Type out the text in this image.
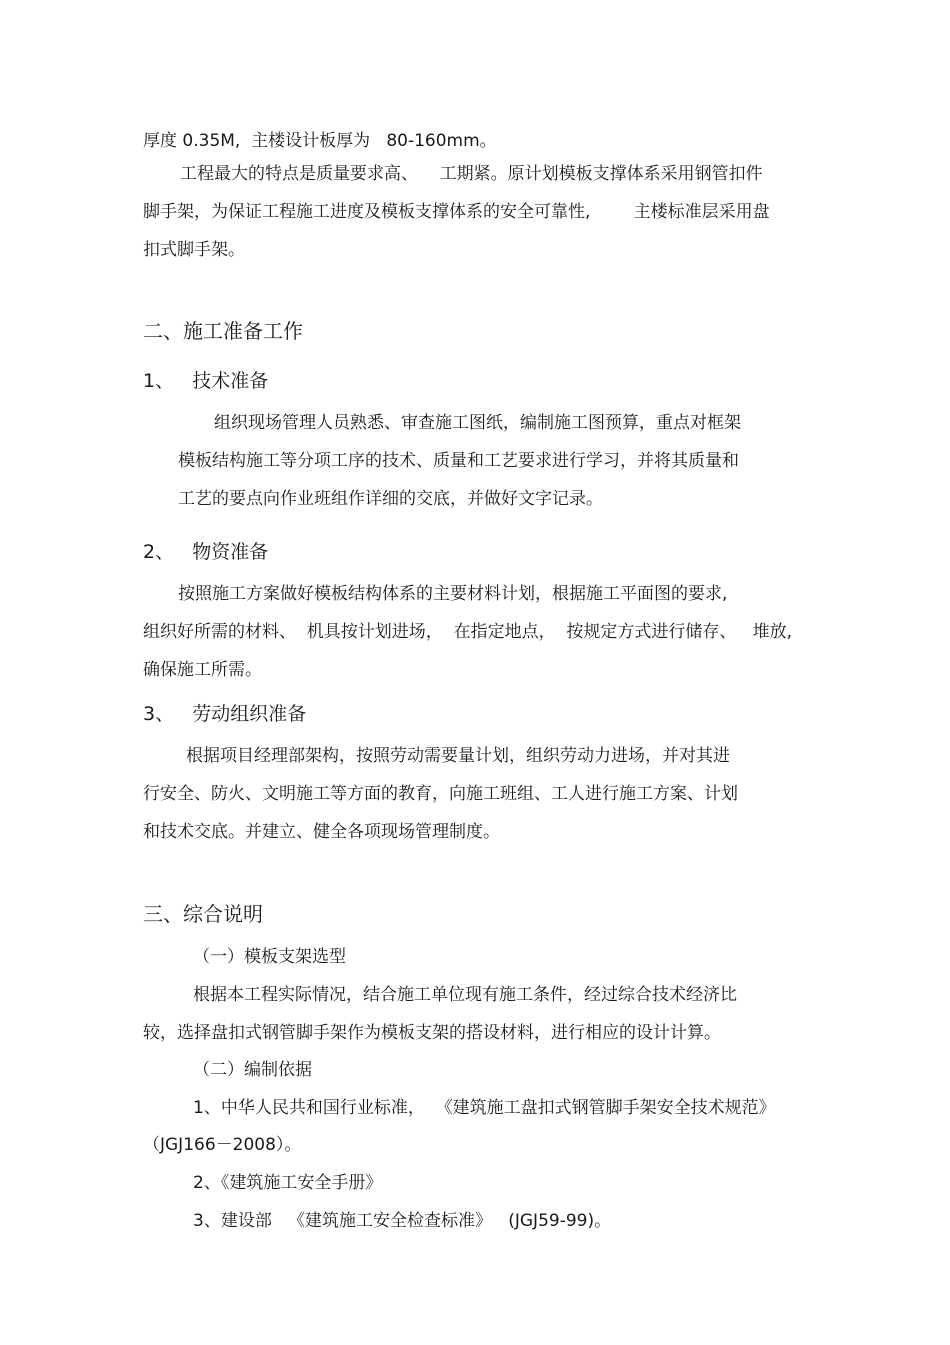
厚度 0.35M,  主楼设计板厚为   80-160mm。
工程最大的特点是质量要求高、    工期紧。原计划模板支撑体系采用钢管扣件
脚手架，为保证工程施工进度及模板支撑体系的安全可靠性,        主楼标准层采用盘
扣式脚手架。
二、施工准备工作
1、   技术准备
组织现场管理人员熟悉、审查施工图纸，编制施工图预算，重点对框架
模板结构施工等分项工序的技术、质量和工艺要求进行学习，并将其质量和
工艺的要点向作业班组作详细的交底，并做好文字记录。
2、   物资准备
按照施工方案做好模板结构体系的主要材料计划，根据施工平面图的要求,
组织好所需的材料、  机具按计划进场，  在指定地点，  按规定方式进行储存、   堆放,
确保施工所需。
3、   劳动组织准备
根据项目经理部架构，按照劳动需要量计划，组织劳动力进场，并对其进
行安全、防火、文明施工等方面的教育，向施工班组、工人进行施工方案、计划
和技术交底。并建立、健全各项现场管理制度。
三、综合说明
（一）模板支架选型
根据本工程实际情况，结合施工单位现有施工条件，经过综合技术经济比
较，选择盘扣式钢管脚手架作为模板支架的搭设材料，进行相应的设计计算。
（二）编制依据
1、中华人民共和国行业标准，  《建筑施工盘扣式钢管脚手架安全技术规范》
（JGJ166－2008）。
2、《建筑施工安全手册》
3、建设部   《建筑施工安全检查标准》   (JGJ59-99)。
